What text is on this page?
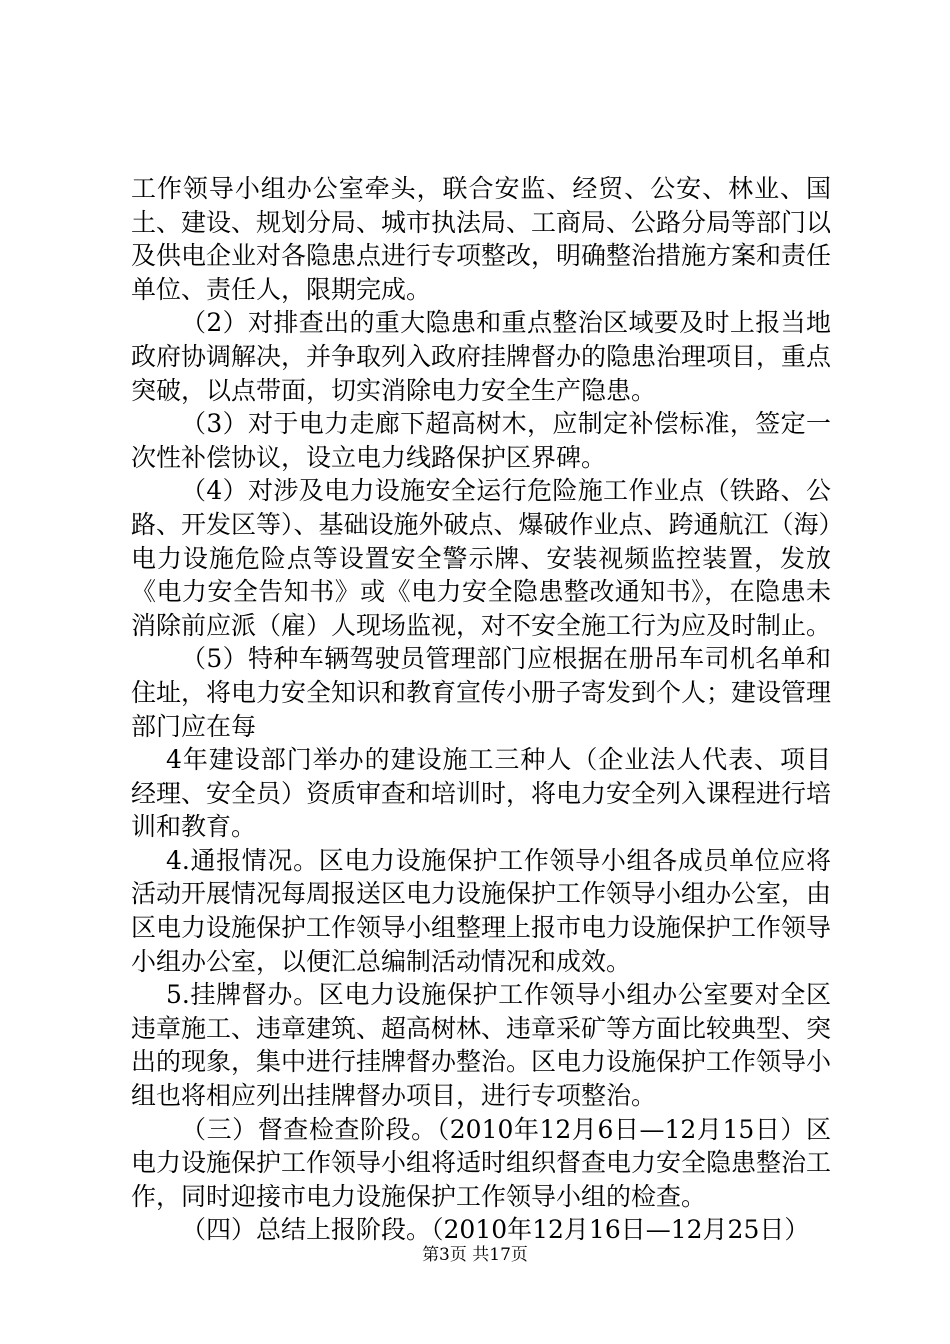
工作领导小组办公室牵头，联合安监、经贸、公安、林业、国土、建设、规划分局、城市执法局、工商局、公路分局等部门以及供电企业对各隐患点进行专项整改，明确整治措施方案和责任单位、责任人，限期完成。

（2）对排查出的重大隐患和重点整治区域要及时上报当地政府协调解决，并争取列入政府挂牌督办的隐患治理项目，重点突破，以点带面，切实消除电力安全生产隐患。

（3）对于电力走廊下超高树木，应制定补偿标准，签定一次性补偿协议，设立电力线路保护区界碑。

（4）对涉及电力设施安全运行危险施工作业点（铁路、公路、开发区等）、基础设施外破点、爆破作业点、跨通航江（海）电力设施危险点等设置安全警示牌、安装视频监控装置，发放《电力安全告知书》或《电力安全隐患整改通知书》，在隐患未消除前应派（雇）人现场监视，对不安全施工行为应及时制止。

（5）特种车辆驾驶员管理部门应根据在册吊车司机名单和住址，将电力安全知识和教育宣传小册子寄发到个人；建设管理部门应在每

4年建设部门举办的建设施工三种人（企业法人代表、项目经理、安全员）资质审查和培训时，将电力安全列入课程进行培训和教育。

4.通报情况。区电力设施保护工作领导小组各成员单位应将活动开展情况每周报送区电力设施保护工作领导小组办公室，由区电力设施保护工作领导小组整理上报市电力设施保护工作领导小组办公室，以便汇总编制活动情况和成效。

5.挂牌督办。区电力设施保护工作领导小组办公室要对全区违章施工、违章建筑、超高树林、违章采矿等方面比较典型、突出的现象，集中进行挂牌督办整治。区电力设施保护工作领导小组也将相应列出挂牌督办项目，进行专项整治。

（三）督查检查阶段。（2010年12月6日—12月15日）区电力设施保护工作领导小组将适时组织督查电力安全隐患整治工作，同时迎接市电力设施保护工作领导小组的检查。

（四）总结上报阶段。（2010年12月16日—12月25日）

第3页 共17页
